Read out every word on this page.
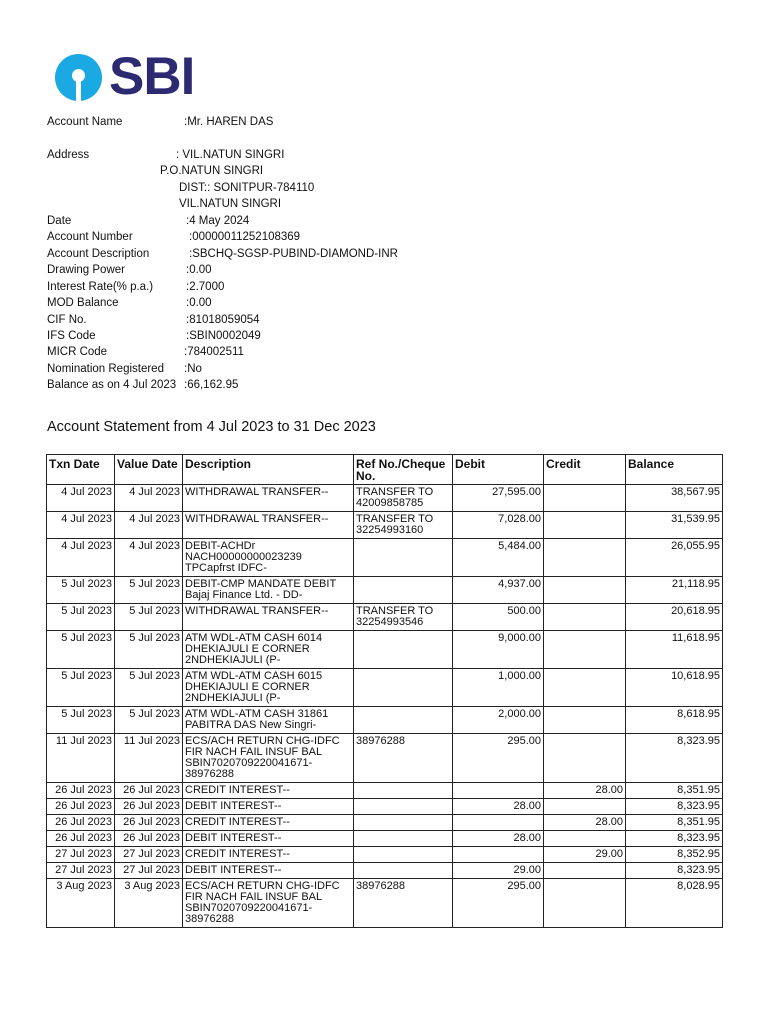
SBI
Account Name	:Mr. HAREN DAS
Address	: VIL.NATUN SINGRI
P.O.NATUN SINGRI
DIST:: SONITPUR-784110
VIL.NATUN SINGRI
Date	:4 May 2024
Account Number	:00000011252108369
Account Description	:SBCHQ-SGSP-PUBIND-DIAMOND-INR
Drawing Power	:0.00
Interest Rate(% p.a.)	:2.7000
MOD Balance	:0.00
CIF No.	:81018059054
IFS Code	:SBIN0002049
MICR Code	:784002511
Nomination Registered :No
Balance as on 4 Jul 2023 :66,162.95
Account Statement from 4 Jul 2023 to 31 Dec 2023
Txn Date	Value Date	Description	Ref No./Cheque No.	Debit	Credit	Balance
4 Jul 2023	4 Jul 2023	WITHDRAWAL TRANSFER--	TRANSFER TO 42009858785	27,595.00		38,567.95
4 Jul 2023	4 Jul 2023	WITHDRAWAL TRANSFER--	TRANSFER TO 32254993160	7,028.00		31,539.95
4 Jul 2023	4 Jul 2023	DEBIT-ACHDr NACH00000000023239 TPCapfrst IDFC-		5,484.00		26,055.95
5 Jul 2023	5 Jul 2023	DEBIT-CMP MANDATE DEBIT Bajaj Finance Ltd. - DD-		4,937.00		21,118.95
5 Jul 2023	5 Jul 2023	WITHDRAWAL TRANSFER--	TRANSFER TO 32254993546	500.00		20,618.95
5 Jul 2023	5 Jul 2023	ATM WDL-ATM CASH 6014 DHEKIAJULI E CORNER 2NDHEKIAJULI (P-		9,000.00		11,618.95
5 Jul 2023	5 Jul 2023	ATM WDL-ATM CASH 6015 DHEKIAJULI E CORNER 2NDHEKIAJULI (P-		1,000.00		10,618.95
5 Jul 2023	5 Jul 2023	ATM WDL-ATM CASH 31861 PABITRA DAS New Singri-		2,000.00		8,618.95
11 Jul 2023	11 Jul 2023	ECS/ACH RETURN CHG-IDFC FIR NACH FAIL INSUF BAL SBIN7020709220041671-38976288	38976288	295.00		8,323.95
26 Jul 2023	26 Jul 2023	CREDIT INTEREST--			28.00	8,351.95
26 Jul 2023	26 Jul 2023	DEBIT INTEREST--		28.00		8,323.95
26 Jul 2023	26 Jul 2023	CREDIT INTEREST--			28.00	8,351.95
26 Jul 2023	26 Jul 2023	DEBIT INTEREST--		28.00		8,323.95
27 Jul 2023	27 Jul 2023	CREDIT INTEREST--			29.00	8,352.95
27 Jul 2023	27 Jul 2023	DEBIT INTEREST--		29.00		8,323.95
3 Aug 2023	3 Aug 2023	ECS/ACH RETURN CHG-IDFC FIR NACH FAIL INSUF BAL SBIN7020709220041671-38976288	38976288	295.00		8,028.95
